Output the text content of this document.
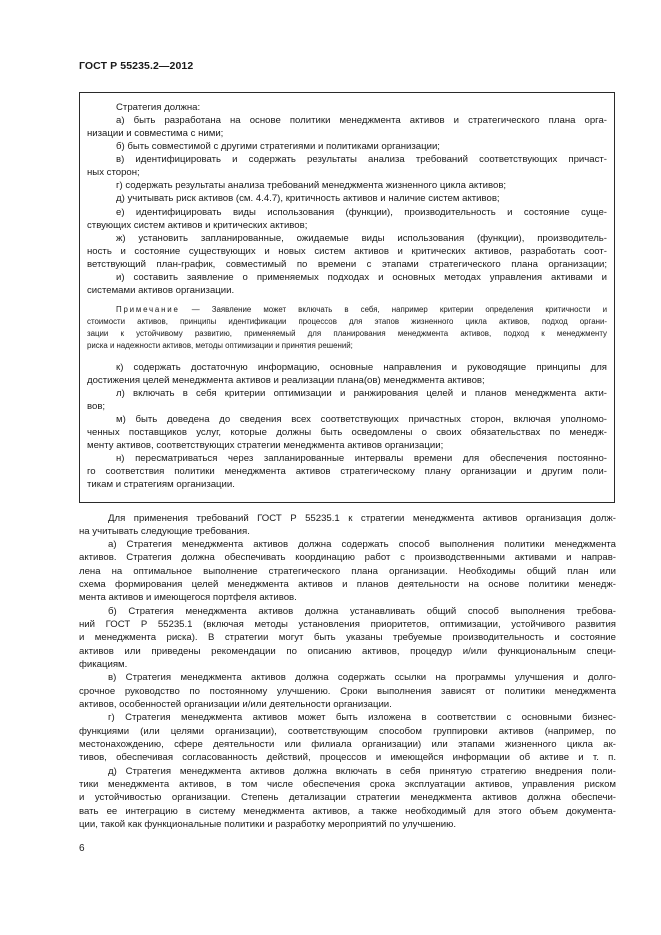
ГОСТ Р 55235.2—2012
Стратегия должна:
а) быть разработана на основе политики менеджмента активов и стратегического плана орга-
низации и совместима с ними;
б) быть совместимой с другими стратегиями и политиками организации;
в) идентифицировать и содержать результаты анализа требований соответствующих причаст-
ных сторон;
г) содержать результаты анализа требований менеджмента жизненного цикла активов;
д) учитывать риск активов (см. 4.4.7), критичность активов и наличие систем активов;
е) идентифицировать виды использования (функции), производительность и состояние суще-
ствующих систем активов и критических активов;
ж) установить запланированные, ожидаемые виды использования (функции), производитель-
ность и состояние существующих и новых систем активов и критических активов, разработать соот-
ветствующий план-график, совместимый по времени с этапами стратегического плана организации;
и) составить заявление о применяемых подходах и основных методах управления активами и
системами активов организации.
Примечание — Заявление может включать в себя, например критерии определения критичности и
стоимости активов, принципы идентификации процессов для этапов жизненного цикла активов, подход органи-
зации к устойчивому развитию, применяемый для планирования менеджмента активов, подход к менеджменту
риска и надежности активов, методы оптимизации и принятия решений;
к) содержать достаточную информацию, основные направления и руководящие принципы для
достижения целей менеджмента активов и реализации плана(ов) менеджмента активов;
л) включать в себя критерии оптимизации и ранжирования целей и планов менеджмента акти-
вов;
м) быть доведена до сведения всех соответствующих причастных сторон, включая уполномо-
ченных поставщиков услуг, которые должны быть осведомлены о своих обязательствах по менедж-
менту активов, соответствующих стратегии менеджмента активов организации;
н) пересматриваться через запланированные интервалы времени для обеспечения постоянно-
го соответствия политики менеджмента активов стратегическому плану организации и другим поли-
тикам и стратегиям организации.
Для применения требований ГОСТ Р 55235.1 к стратегии менеджмента активов организация долж-
на учитывать следующие требования.
а) Стратегия менеджмента активов должна содержать способ выполнения политики менеджмента
активов. Стратегия должна обеспечивать координацию работ с производственными активами и направ-
лена на оптимальное выполнение стратегического плана организации. Необходимы общий план или
схема формирования целей менеджмента активов и планов деятельности на основе политики менедж-
мента активов и имеющегося портфеля активов.
б) Стратегия менеджмента активов должна устанавливать общий способ выполнения требова-
ний ГОСТ Р 55235.1 (включая методы установления приоритетов, оптимизации, устойчивого развития
и менеджмента риска). В стратегии могут быть указаны требуемые производительность и состояние
активов или приведены рекомендации по описанию активов, процедур и/или функциональным специ-
фикациям.
в) Стратегия менеджмента активов должна содержать ссылки на программы улучшения и долго-
срочное руководство по постоянному улучшению. Сроки выполнения зависят от политики менеджмента
активов, особенностей организации и/или деятельности организации.
г) Стратегия менеджмента активов может быть изложена в соответствии с основными бизнес-
функциями (или целями организации), соответствующим способом группировки активов (например, по
местонахождению, сфере деятельности или филиала организации) или этапами жизненного цикла ак-
тивов, обеспечивая согласованность действий, процессов и имеющейся информации об активе и т. п.
д) Стратегия менеджмента активов должна включать в себя принятую стратегию внедрения поли-
тики менеджмента активов, в том числе обеспечения срока эксплуатации активов, управления риском
и устойчивостью организации. Степень детализации стратегии менеджмента активов должна обеспечи-
вать ее интеграцию в систему менеджмента активов, а также необходимый для этого объем документа-
ции, такой как функциональные политики и разработку мероприятий по улучшению.
6
